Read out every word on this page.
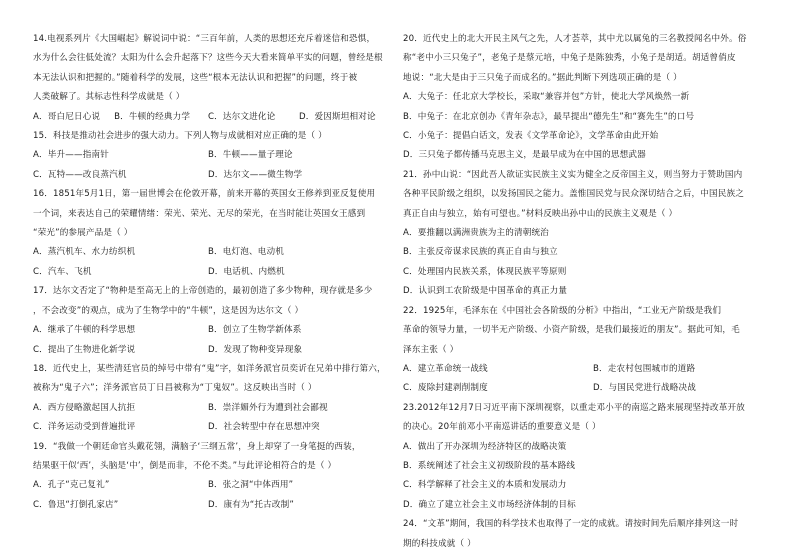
14.电视系列片《大国崛起》解说词中说：“三百年前，人类的思想还充斥着迷信和恐惧，
水为什么会往低处流？太阳为什么会升起落下？这些今天大看来简单平实的问题，曾经是根
本无法认识和把握的。”随着科学的发展，这些“根本无法认识和把握”的问题，终于被
人类破解了。其标志性科学成就是（ ）
A．哥白尼日心说	B．牛顿的经典力学	C．达尔文进化论	D．爱因斯坦相对论
15．科技是推动社会进步的强大动力。下列人物与成就相对应正确的是（ ）
A．毕升——指南针	B．牛顿——量子理论
C．瓦特——改良蒸汽机	D．达尔文——微生物学
16．1851年5月1日，第一届世博会在伦敦开幕，前来开幕的英国女王修养到亚反复使用
一个词，来表达自己的荣耀情绪：荣光、荣光、无尽的荣光，在当时能让英国女王感到
“荣光”的参展产品是（ ）
A．蒸汽机车、水力纺织机	B．电灯泡、电动机
C．汽车、飞机	D．电话机、内燃机
17．达尔文否定了“物种是至高无上的上帝创造的，最初创造了多少物种，现存就是多少
，不会改变”的观点，成为了生物学中的“牛顿”，这是因为达尔文（ ）
A．继承了牛顿的科学思想	B．创立了生物学新体系
C．提出了生物进化新学说	D．发现了物种变异现象
18．近代史上，某些清廷官员的绰号中带有“鬼”字，如洋务派官员奕䜣在兄弟中排行第六，
被称为“鬼子六”；洋务派官员丁日昌被称为“丁鬼奴”。这反映出当时（ ）
A．西方侵略激起国人抗拒	B．崇洋媚外行为遭到社会鄙视
C．洋务运动受到普遍批评	D．社会转型中存在思想冲突
19．“我做一个朝廷命官头戴花翎，满脑子‘三纲五常’，身上却穿了一身笔挺的西装，
结果驱干似‘西’，头脑是‘中’，倒是而非，不伦不类。”与此评论相符合的是（ ）
A．孔子“克己复礼”	B．张之洞“中体西用”
C．鲁迅“打倒孔家店”	D．康有为“托古改制”
20．近代史上的北大开民主风气之先，人才荟萃，其中尤以属兔的三名教授闻名中外。俗
称“老中小三只兔子”，老兔子是蔡元培，中兔子是陈独秀，小兔子是胡适。胡适曾俏皮
地说：“北大是由于三只兔子而成名的。”据此判断下列选项正确的是（ ）
A．大兔子：任北京大学校长，采取“兼容并包”方针，使北大学风焕然一新
B．中兔子：在北京创办《青年杂志》，最早提出“德先生”和“赛先生”的口号
C．小兔子：提倡白话文，发表《文学革命论》，文学革命由此开始
D．三只兔子都传播马克思主义，是最早成为在中国的思想武器
21．孙中山说：“因此吾人欲证实民族主义实为健全之反帝国主义，则当努力于赞助国内
各种平民阶级之组织，以发扬国民之能力。盖惟国民党与民众深切结合之后，中国民族之
真正自由与独立，始有可望也。”材料反映出孙中山的民族主义观是（ ）
A．要推翻以满洲贵族为主的清朝统治
B．主张反帝谋求民族的真正自由与独立
C．处理国内民族关系，体现民族平等原则
D．认识到工农阶级是中国革命的真正力量
22．1925年，毛泽东在《中国社会各阶级的分析》中指出，“工业无产阶级是我们
革命的领导力量，一切半无产阶级、小资产阶级，是我们最接近的朋友”。据此可知，毛
泽东主张（ ）
A．建立革命统一战线	B．走农村包围城市的道路
C．废除封建剥削制度	D．与国民党进行战略决战
23.2012年12月7日习近平南下深圳视察，以重走邓小平的南巡之路来展现坚持改革开放
的决心。20年前邓小平南巡讲话的重要意义是（ ）
A．做出了开办深圳为经济特区的战略决策
B．系统阐述了社会主义初级阶段的基本路线
C．科学解释了社会主义的本质和发展动力
D．确立了建立社会主义市场经济体制的目标
24．“文革”期间，我国的科学技术也取得了一定的成就。请按时间先后顺序排列这一时
期的科技成就（ ）
